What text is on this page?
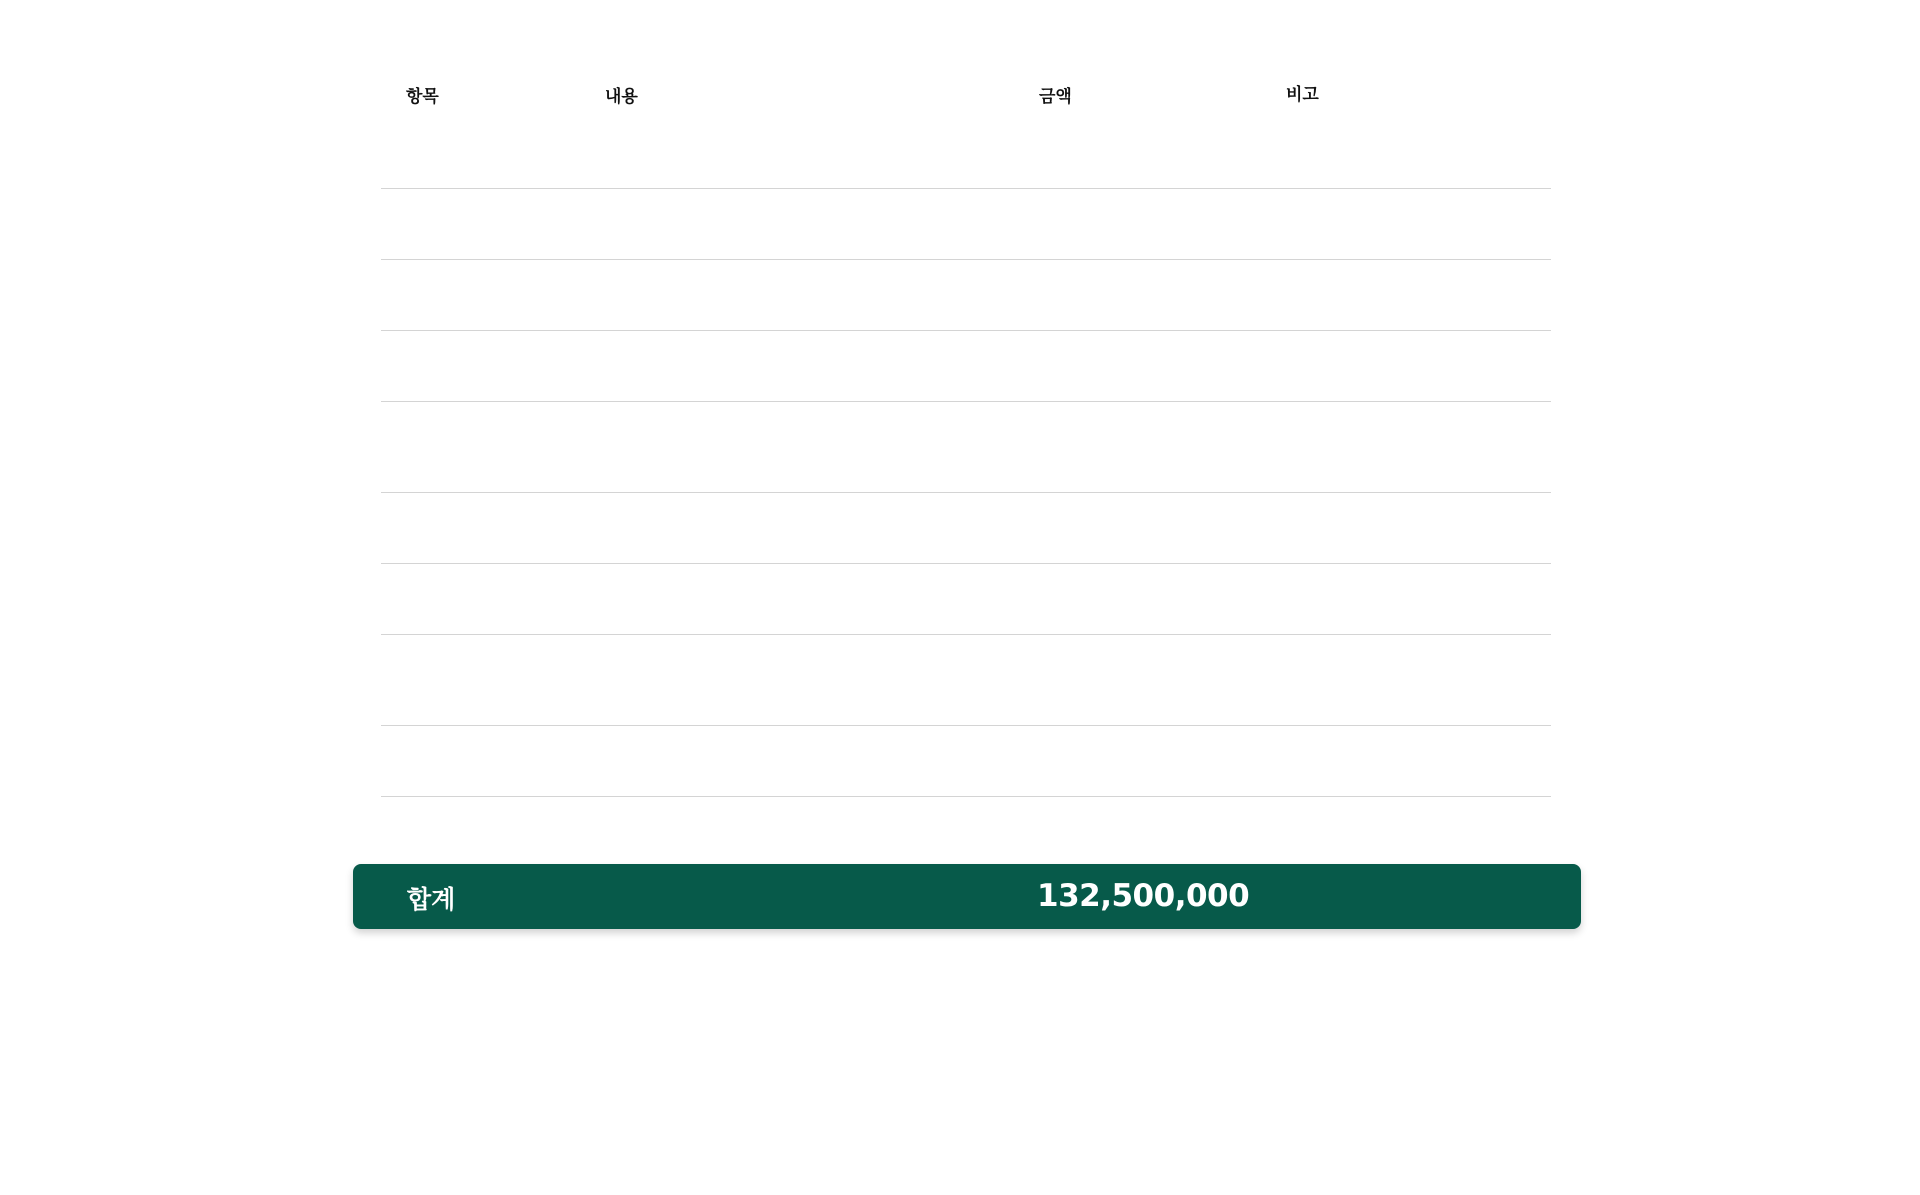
항목	내용	금액	비고
합계	132,500,000
